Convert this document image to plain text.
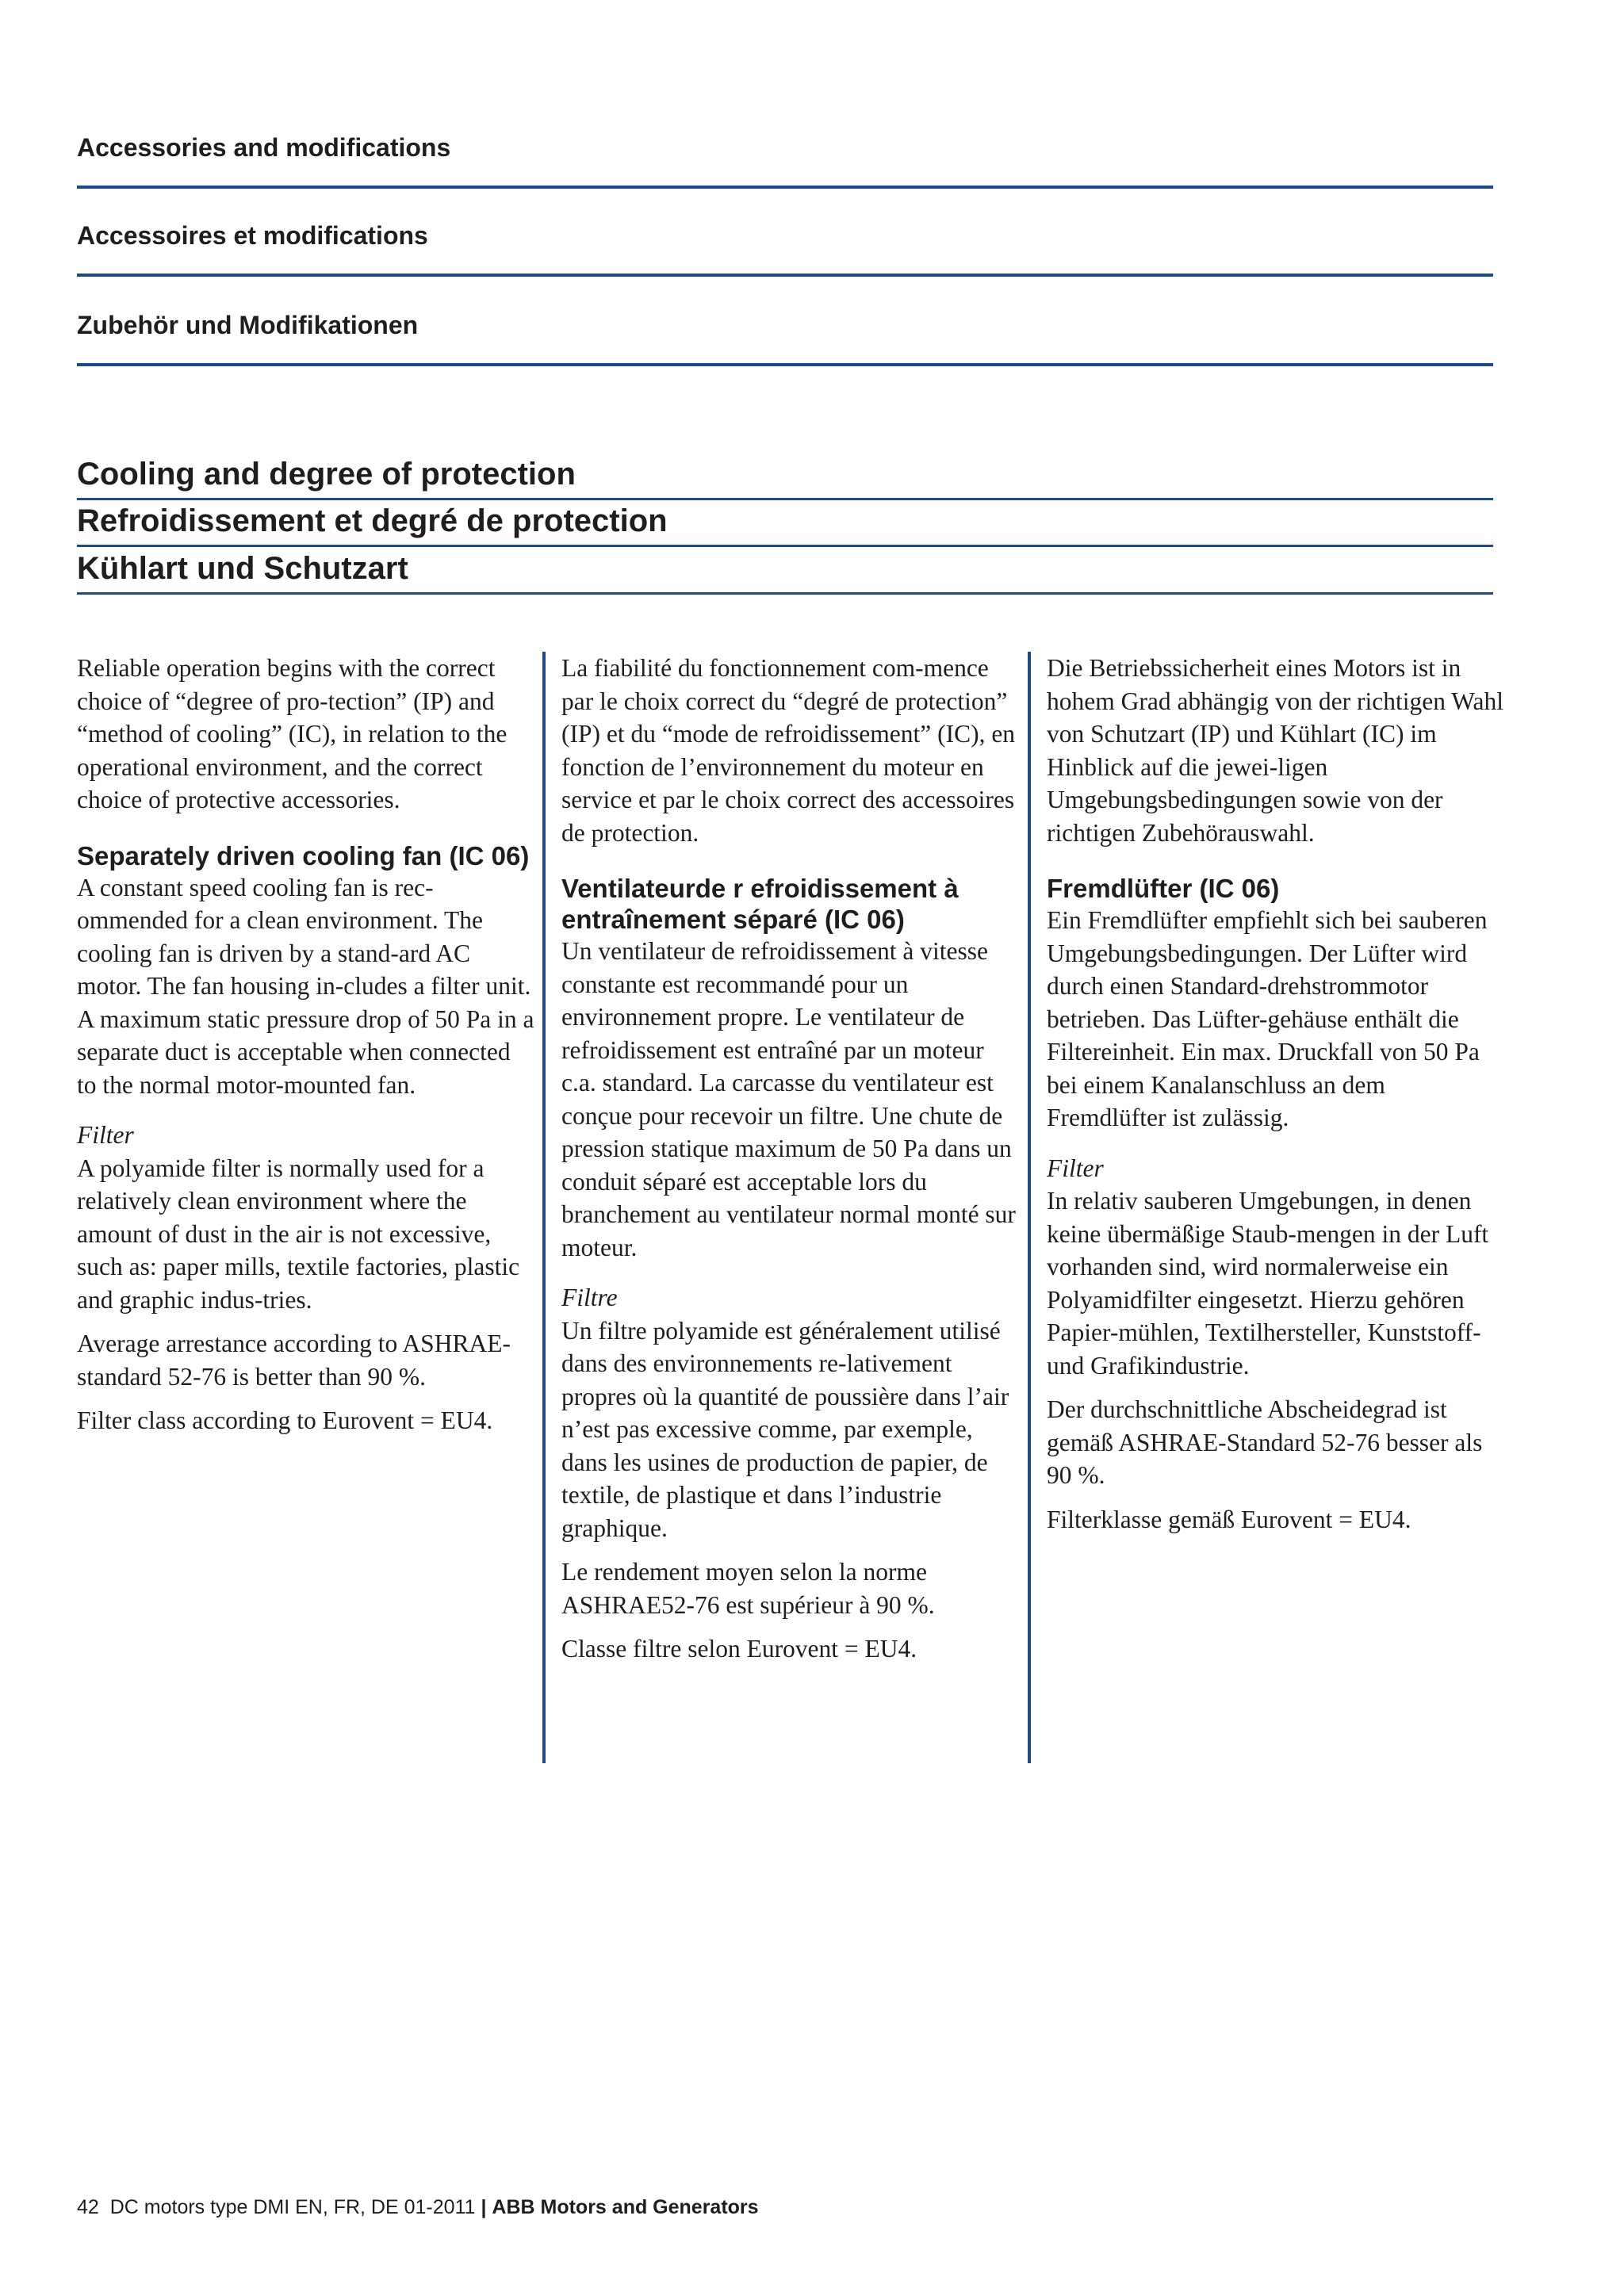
Accessories and modifications
Accessoires et modifications
Zubehör und Modifikationen
Cooling and degree of protection
Refroidissement et degré de protection
Kühlart und Schutzart

Reliable operation begins with the correct choice of “degree of pro-tection” (IP) and “method of cooling” (IC), in relation to the operational environment, and the correct choice of protective accessories.

Separately driven cooling fan (IC 06)

A constant speed cooling fan is rec-ommended for a clean environment. The cooling fan is driven by a stand-ard AC motor. The fan housing in-cludes a filter unit. A maximum static pressure drop of 50 Pa in a separate duct is acceptable when connected to the normal motor-mounted fan.

Filter

A polyamide filter is normally used for a relatively clean environment where the amount of dust in the air is not excessive, such as: paper mills, textile factories, plastic and graphic indus-tries.

Average arrestance according to ASHRAE-standard 52-76 is better than 90 %.

Filter class according to Eurovent = EU4.

La fiabilité du fonctionnement com-mence par le choix correct du “degré de protection” (IP) et du “mode de refroidissement” (IC), en fonction de l’environnement du moteur en service et par le choix correct des accessoires de protection.

Ventilateurde r efroidissement à entraînement séparé (IC 06)

Un ventilateur de refroidissement à vitesse constante est recommandé pour un environnement propre. Le ventilateur de refroidissement est entraîné par un moteur c.a. standard. La carcasse du ventilateur est conçue pour recevoir un filtre. Une chute de pression statique maximum de 50 Pa dans un conduit séparé est acceptable lors du branchement au ventilateur normal monté sur moteur.

Filtre

Un filtre polyamide est généralement utilisé dans des environnements re-lativement propres où la quantité de poussière dans l’air n’est pas excessive comme, par exemple, dans les usines de production de papier, de textile, de plastique et dans l’industrie graphique.

Le rendement moyen selon la norme ASHRAE52-76 est supérieur à 90 %.

Classe filtre selon Eurovent = EU4.

Die Betriebssicherheit eines Motors ist in hohem Grad abhängig von der richtigen Wahl von Schutzart (IP) und Kühlart (IC) im Hinblick auf die jewei-ligen Umgebungsbedingungen sowie von der richtigen Zubehörauswahl.

Fremdlüfter (IC 06)

Ein Fremdlüfter empfiehlt sich bei sauberen Umgebungsbedingungen. Der Lüfter wird durch einen Standard-drehstrommotor betrieben. Das Lüfter-gehäuse enthält die Filtereinheit. Ein max. Druckfall von 50 Pa bei einem Kanalanschluss an dem Fremdlüfter ist zulässig.

Filter

In relativ sauberen Umgebungen, in denen keine übermäßige Staub-mengen in der Luft vorhanden sind, wird normalerweise ein Polyamidfilter eingesetzt. Hierzu gehören Papier-mühlen, Textilhersteller, Kunststoff- und Grafikindustrie.

Der durchschnittliche Abscheidegrad ist gemäß ASHRAE-Standard 52-76 besser als 90 %.

Filterklasse gemäß Eurovent = EU4.

42 DC motors type DMI EN, FR, DE 01-2011 | ABB Motors and Generators
